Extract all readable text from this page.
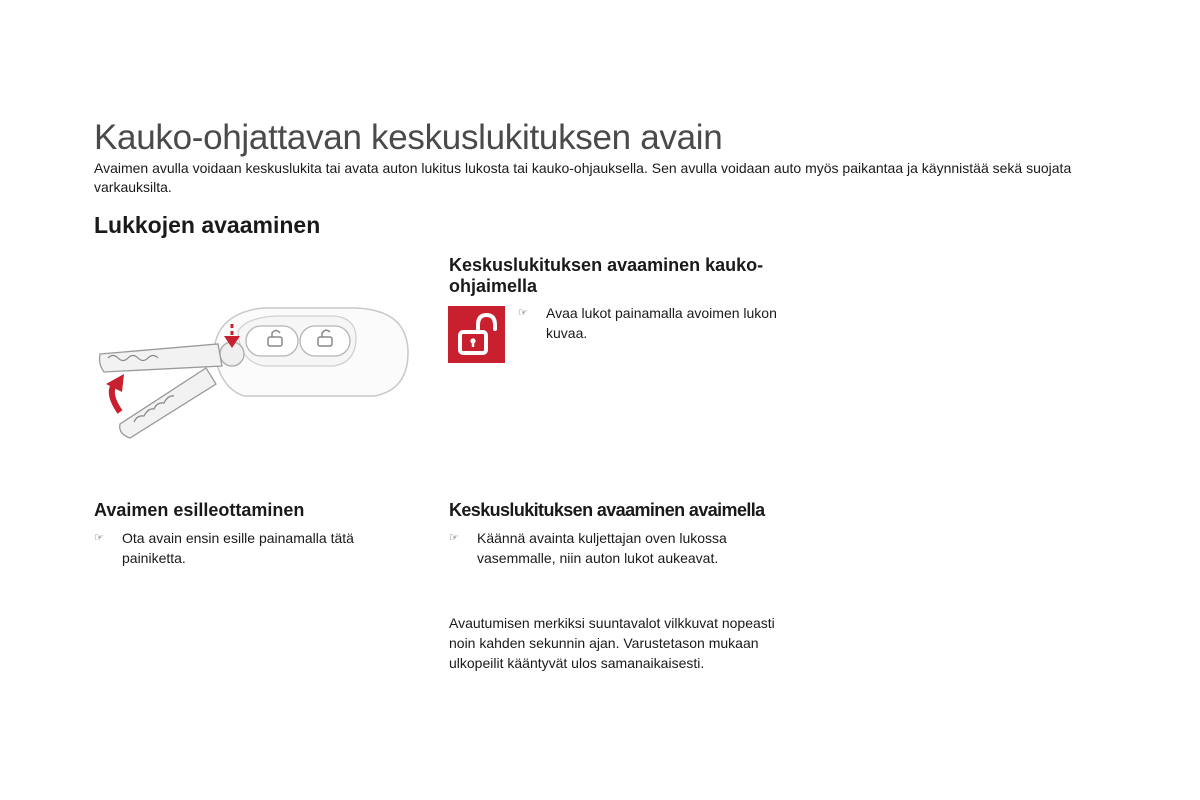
Kauko-ohjattavan keskuslukituksen avain

Avaimen avulla voidaan keskuslukita tai avata auton lukitus lukosta tai kauko-ohjauksella. Sen avulla voidaan auto myös paikantaa ja käynnistää sekä suojata varkauksilta.

Lukkojen avaaminen
Avaimen esilleottaminen
☞	Ota avain ensin esille painamalla tätä painiketta.
Keskuslukituksen avaaminen kauko-ohjaimella
☞	Avaa lukot painamalla avoimen lukon kuvaa.
Keskuslukituksen avaaminen avaimella
☞	Käännä avainta kuljettajan oven lukossa vasemmalle, niin auton lukot aukeavat.

Avautumisen merkiksi suuntavalot vilkkuvat nopeasti noin kahden sekunnin ajan. Varustetason mukaan ulkopeilit kääntyvät ulos samanaikaisesti.
